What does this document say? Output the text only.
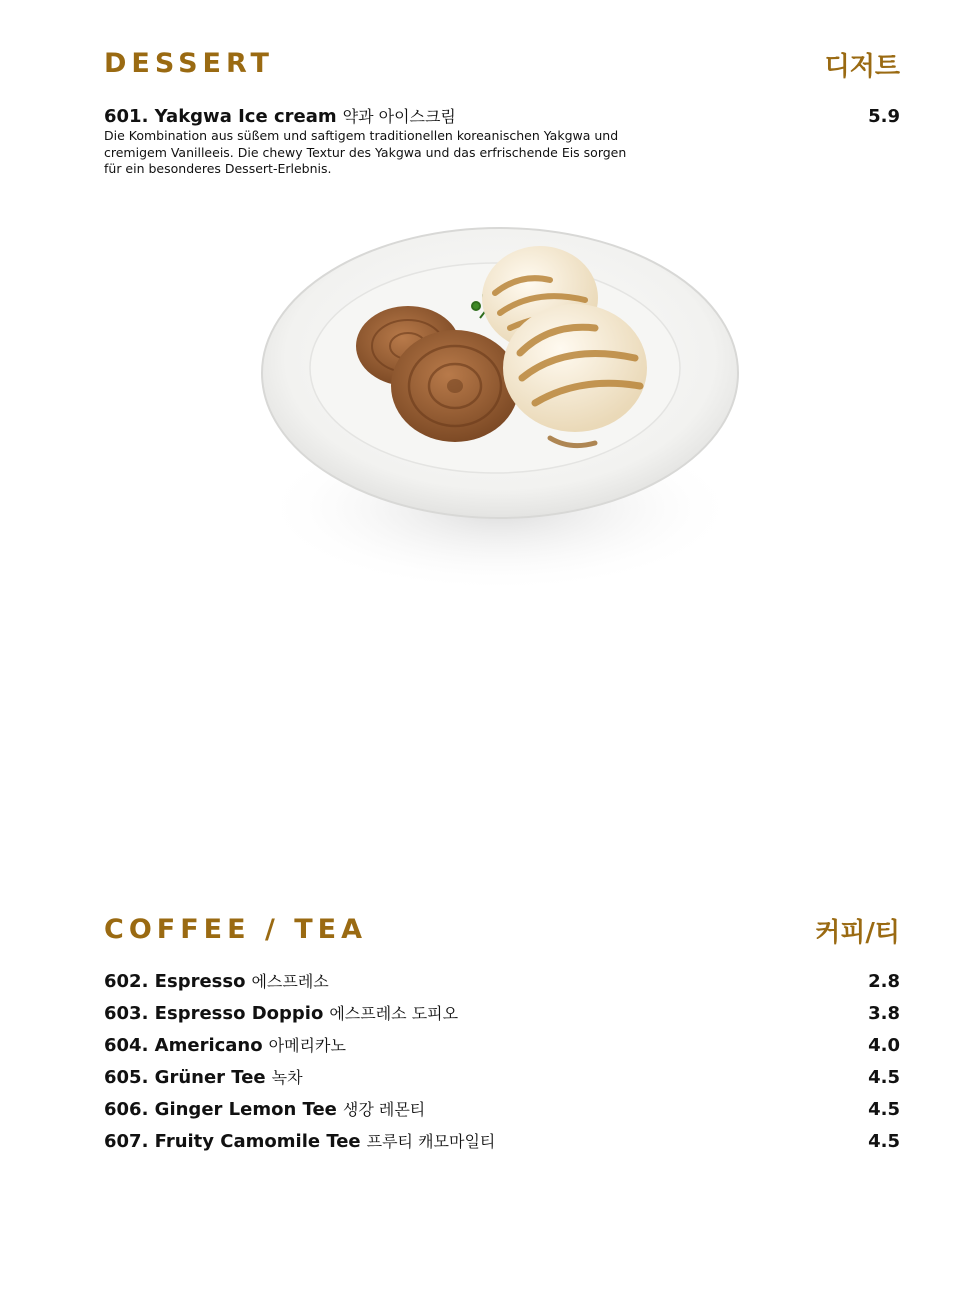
DESSERT	디저트
601. Yakgwa Ice cream 약과 아이스크림	5.9

Die Kombination aus süßem und saftigem traditionellen koreanischen Yakgwa und cremigem Vanilleeis. Die chewy Textur des Yakgwa und das erfrischende Eis sorgen für ein besonderes Dessert-Erlebnis.

COFFEE / TEA	커피/티
602. Espresso 에스프레소	2.8
603. Espresso Doppio 에스프레소 도피오	3.8
604. Americano 아메리카노	4.0
605. Grüner Tee 녹차	4.5
606. Ginger Lemon Tee 생강 레몬티	4.5
607. Fruity Camomile Tee 프루티 캐모마일티	4.5
